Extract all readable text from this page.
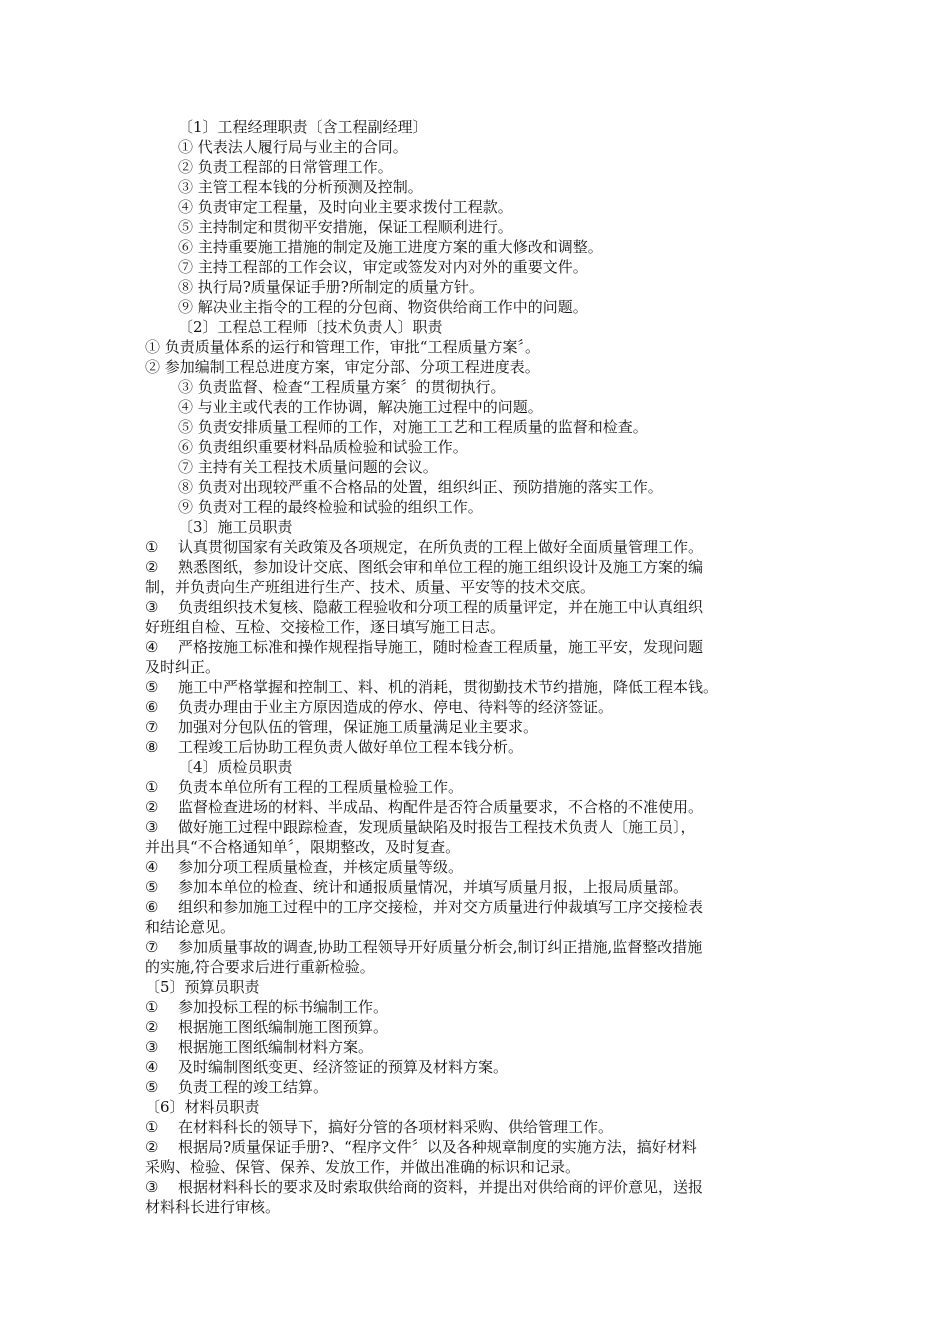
〔1〕工程经理职责〔含工程副经理〕
① 代表法人履行局与业主的合同。
② 负责工程部的日常管理工作。
③ 主管工程本钱的分析预测及控制。
④ 负责审定工程量，及时向业主要求拨付工程款。
⑤ 主持制定和贯彻平安措施，保证工程顺利进行。
⑥ 主持重要施工措施的制定及施工进度方案的重大修改和调整。
⑦ 主持工程部的工作会议，审定或签发对内对外的重要文件。
⑧ 执行局?质量保证手册?所制定的质量方针。
⑨ 解决业主指令的工程的分包商、物资供给商工作中的问题。
〔2〕工程总工程师〔技术负责人〕职责
① 负责质量体系的运行和管理工作，审批“工程质量方案〞。
② 参加编制工程总进度方案，审定分部、分项工程进度表。
③ 负责监督、检查“工程质量方案〞的贯彻执行。
④ 与业主或代表的工作协调，解决施工过程中的问题。
⑤ 负责安排质量工程师的工作，对施工工艺和工程质量的监督和检查。
⑥ 负责组织重要材料品质检验和试验工作。
⑦ 主持有关工程技术质量问题的会议。
⑧ 负责对出现较严重不合格品的处置，组织纠正、预防措施的落实工作。
⑨ 负责对工程的最终检验和试验的组织工作。
〔3〕施工员职责
①	认真贯彻国家有关政策及各项规定，在所负责的工程上做好全面质量管理工作。
②	熟悉图纸，参加设计交底、图纸会审和单位工程的施工组织设计及施工方案的编
制，并负责向生产班组进行生产、技术、质量、平安等的技术交底。
③	负责组织技术复核、隐蔽工程验收和分项工程的质量评定，并在施工中认真组织
好班组自检、互检、交接检工作，逐日填写施工日志。
④	严格按施工标准和操作规程指导施工，随时检查工程质量，施工平安，发现问题
及时纠正。
⑤	施工中严格掌握和控制工、料、机的消耗，贯彻勤技术节约措施，降低工程本钱。
⑥	负责办理由于业主方原因造成的停水、停电、待料等的经济签证。
⑦	加强对分包队伍的管理，保证施工质量满足业主要求。
⑧	工程竣工后协助工程负责人做好单位工程本钱分析。
〔4〕质检员职责
①	负责本单位所有工程的工程质量检验工作。
②	监督检查进场的材料、半成品、构配件是否符合质量要求，不合格的不准使用。
③	做好施工过程中跟踪检查，发现质量缺陷及时报告工程技术负责人〔施工员〕，
并出具“不合格通知单〞，限期整改，及时复查。
④	参加分项工程质量检查，并核定质量等级。
⑤	参加本单位的检查、统计和通报质量情况，并填写质量月报，上报局质量部。
⑥	组织和参加施工过程中的工序交接检，并对交方质量进行仲裁填写工序交接检表
和结论意见。
⑦	参加质量事故的调查,协助工程领导开好质量分析会,制订纠正措施,监督整改措施
的实施,符合要求后进行重新检验。
〔5〕预算员职责
①	参加投标工程的标书编制工作。
②	根据施工图纸编制施工图预算。
③	根据施工图纸编制材料方案。
④	及时编制图纸变更、经济签证的预算及材料方案。
⑤	负责工程的竣工结算。
〔6〕材料员职责
①	在材料科长的领导下，搞好分管的各项材料采购、供给管理工作。
②	根据局?质量保证手册?、“程序文件〞以及各种规章制度的实施方法，搞好材料
采购、检验、保管、保养、发放工作，并做出准确的标识和记录。
③	根据材料科长的要求及时索取供给商的资料，并提出对供给商的评价意见，送报
材料科长进行审核。
